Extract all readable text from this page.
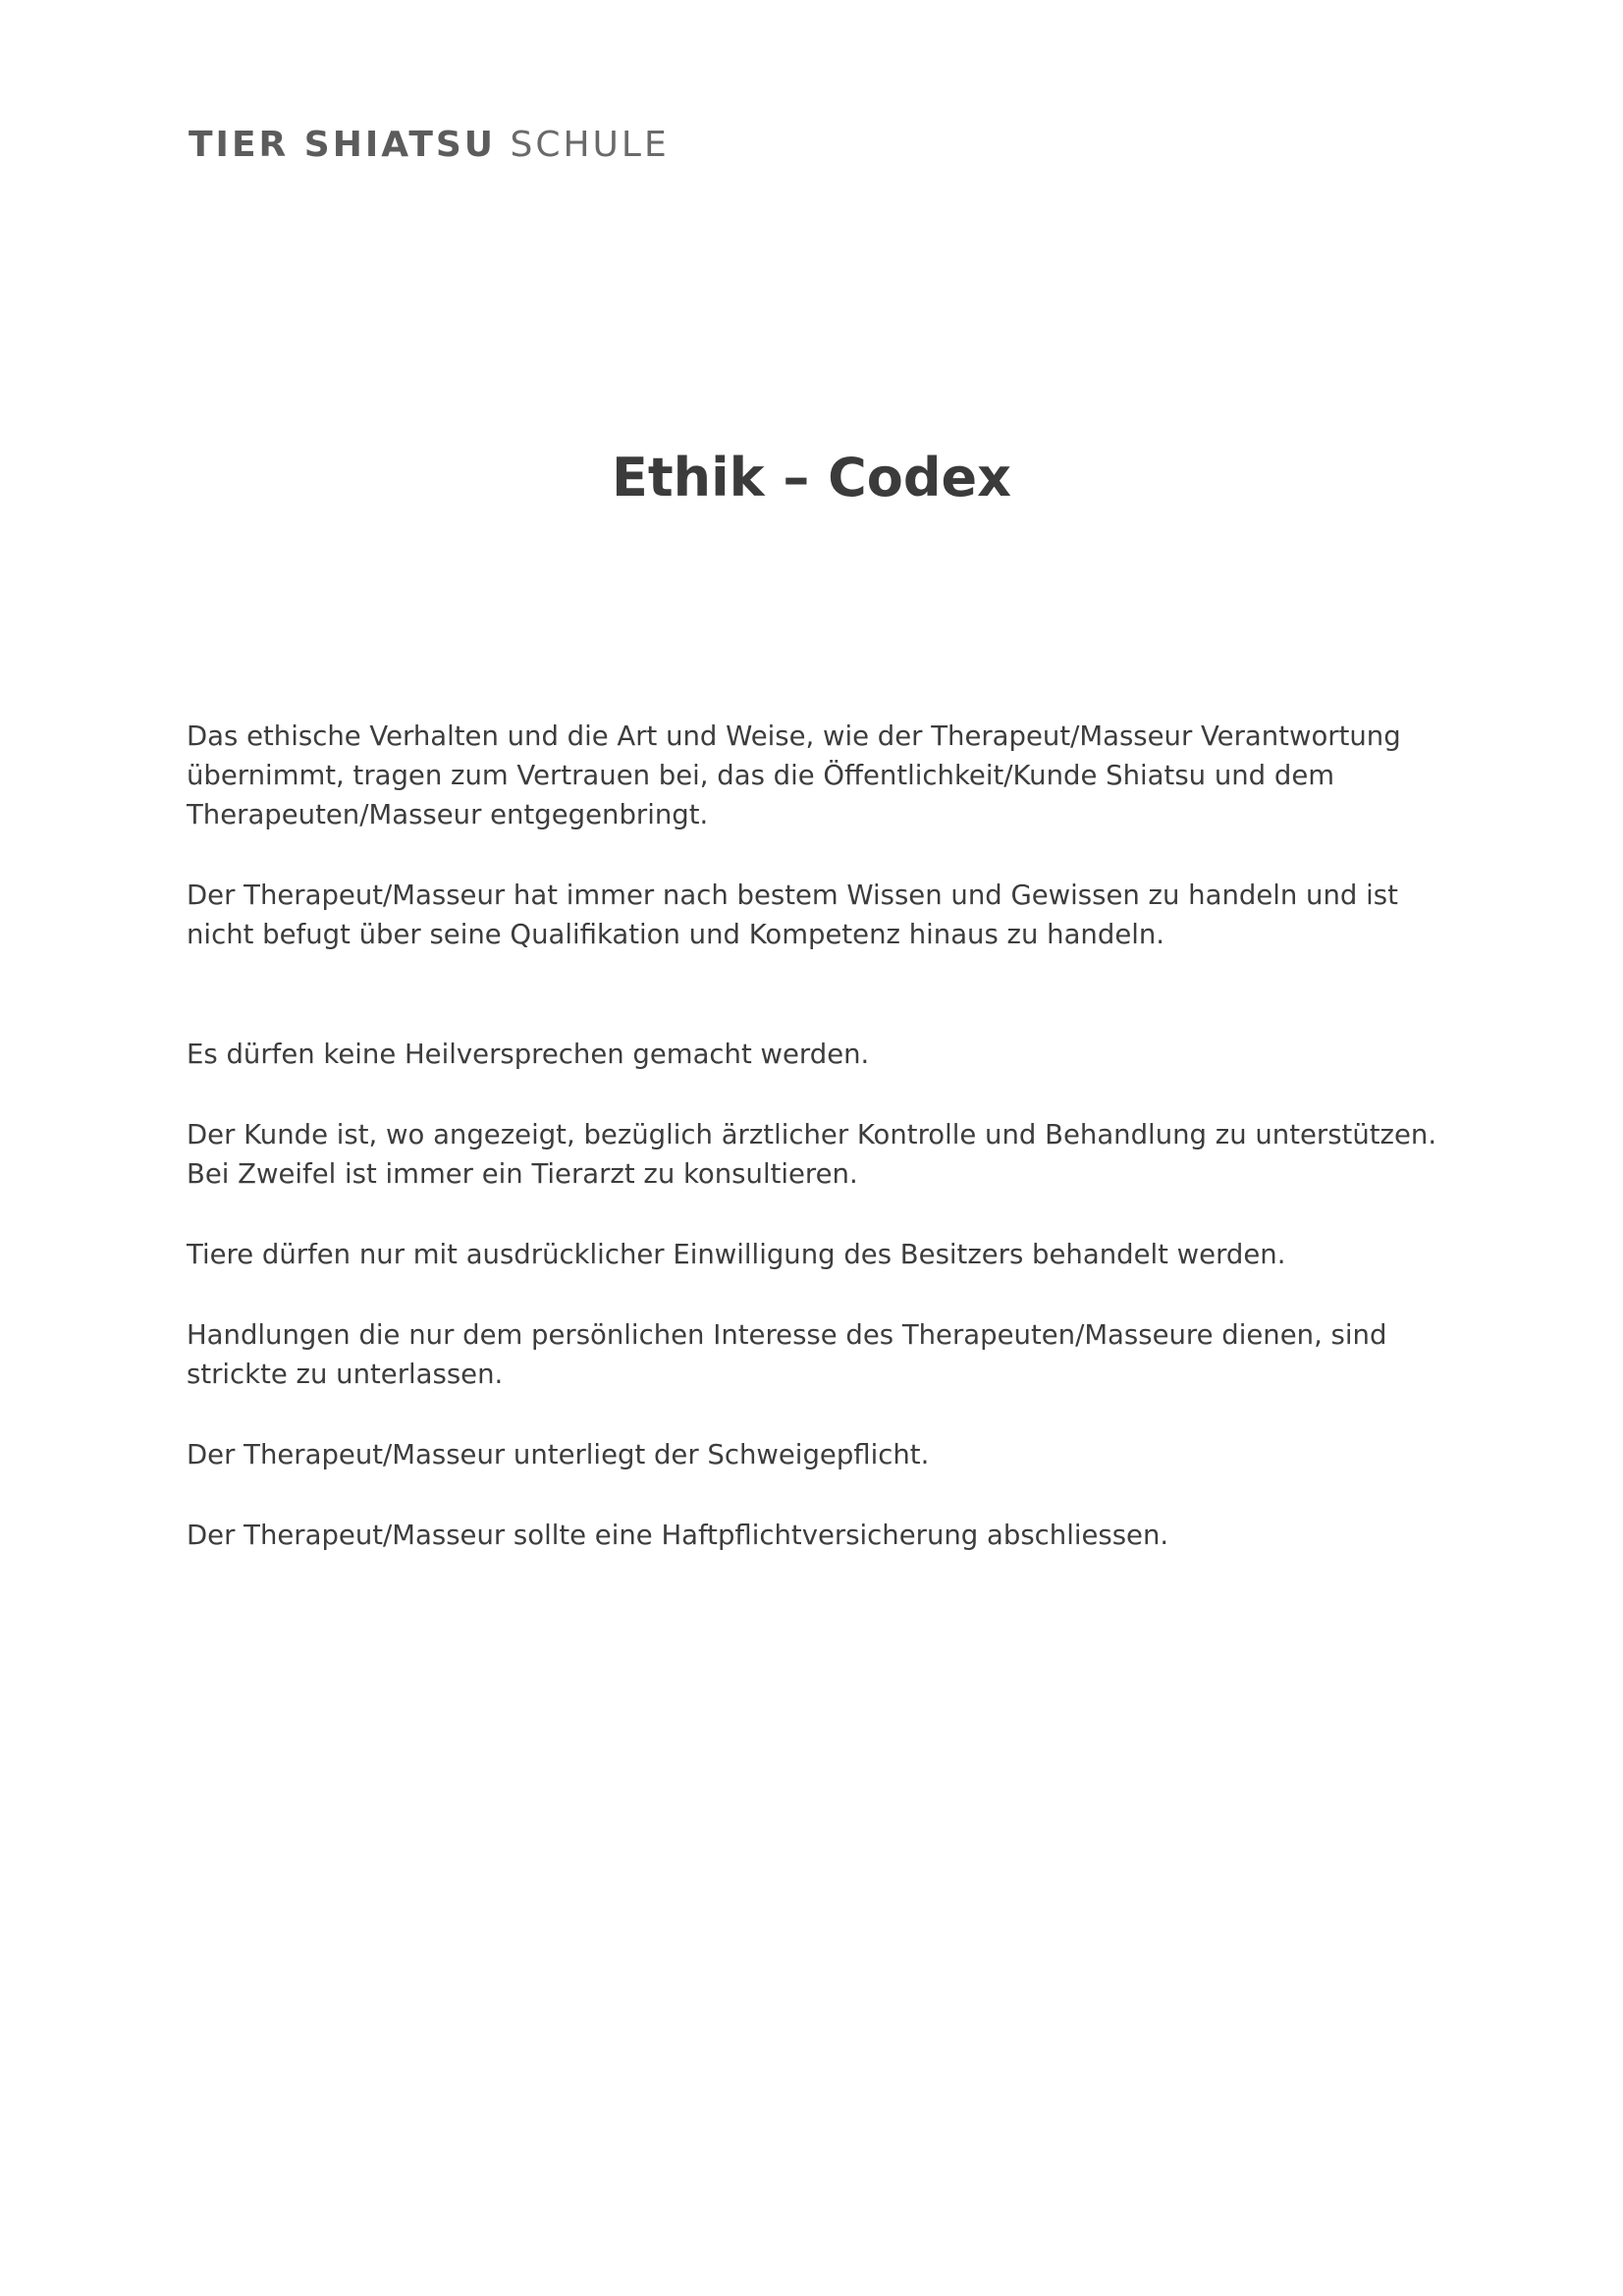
TIER SHIATSU SCHULE
Ethik – Codex

Das ethische Verhalten und die Art und Weise, wie der Therapeut/Masseur Verantwortung
übernimmt, tragen zum Vertrauen bei, das die Öffentlichkeit/Kunde Shiatsu und dem
Therapeuten/Masseur entgegenbringt.

Der Therapeut/Masseur hat immer nach bestem Wissen und Gewissen zu handeln und ist
nicht befugt über seine Qualifikation und Kompetenz hinaus zu handeln.

Es dürfen keine Heilversprechen gemacht werden.

Der Kunde ist, wo angezeigt, bezüglich ärztlicher Kontrolle und Behandlung zu unterstützen.
Bei Zweifel ist immer ein Tierarzt zu konsultieren.

Tiere dürfen nur mit ausdrücklicher Einwilligung des Besitzers behandelt werden.

Handlungen die nur dem persönlichen Interesse des Therapeuten/Masseure dienen, sind
strickte zu unterlassen.

Der Therapeut/Masseur unterliegt der Schweigepflicht.

Der Therapeut/Masseur sollte eine Haftpflichtversicherung abschliessen.
